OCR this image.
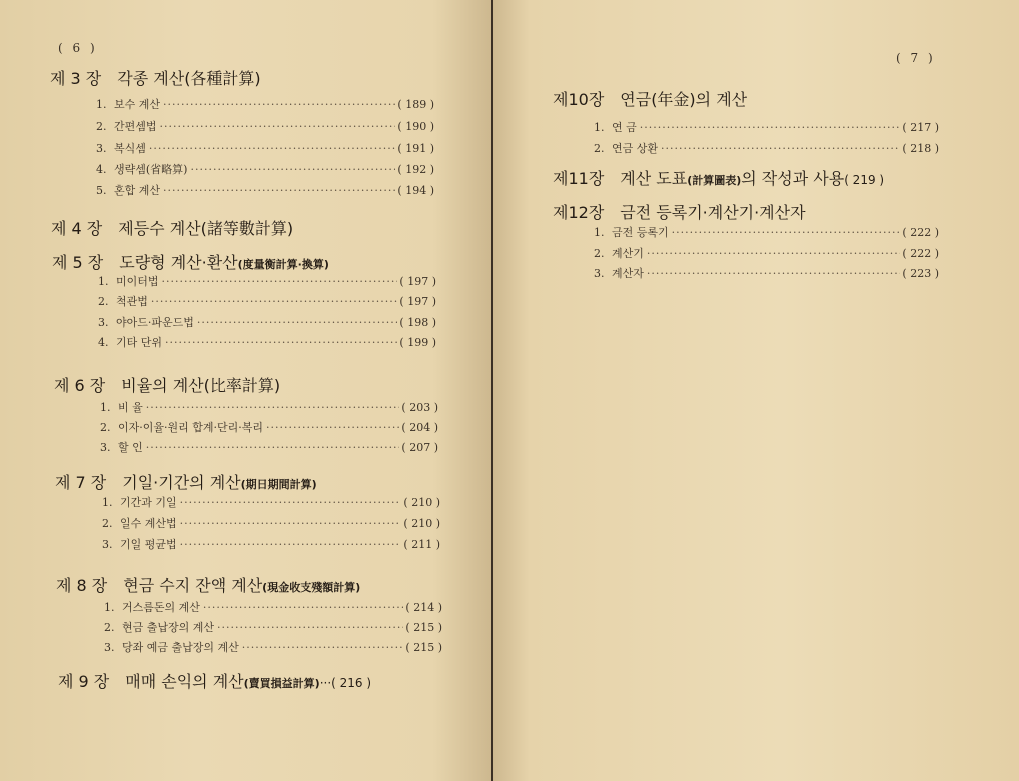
( 6 )
제 3 장 각종 계산(各種計算)
1. 보수 계산 ·····	( 189 )
2. 간편셈법 ·····	( 190 )
3. 복식셈 ·····	( 191 )
4. 생략셈(省略算) ·····	( 192 )
5. 혼합 계산 ·····	( 194 )
제 4 장 제등수 계산(諸等數計算)
제 5 장 도량형 계산·환산(度量衡計算·換算)
1. 미이터법 ·····	( 197 )
2. 척관법 ·····	( 197 )
3. 야아드·파운드법 ·····	( 198 )
4. 기타 단위 ·····	( 199 )
제 6 장 비율의 계산(比率計算)
1. 비 율 ·····	( 203 )
2. 이자·이율·원리 합계·단리·복리 ·····	( 204 )
3. 할 인 ·····	( 207 )
제 7 장 기일·기간의 계산(期日期間計算)
1. 기간과 기일 ·····	( 210 )
2. 일수 계산법 ·····	( 210 )
3. 기일 평균법 ·····	( 211 )
제 8 장 현금 수지 잔액 계산(現金收支殘額計算)
1. 거스름돈의 계산 ·····	( 214 )
2. 현금 출납장의 계산 ·····	( 215 )
3. 당좌 예금 출납장의 계산 ·····	( 215 )
제 9 장 매매 손익의 계산(賣買損益計算)···( 216 )
( 7 )
제10장 연금(年金)의 계산
1. 연 금 ·····	( 217 )
2. 연금 상환 ·····	( 218 )
제11장 계산 도표(計算圖表)의 작성과 사용( 219 )
제12장 금전 등록기·계산기·계산자
1. 금전 등록기 ·····	( 222 )
2. 계산기 ·····	( 222 )
3. 계산자 ·····	( 223 )
